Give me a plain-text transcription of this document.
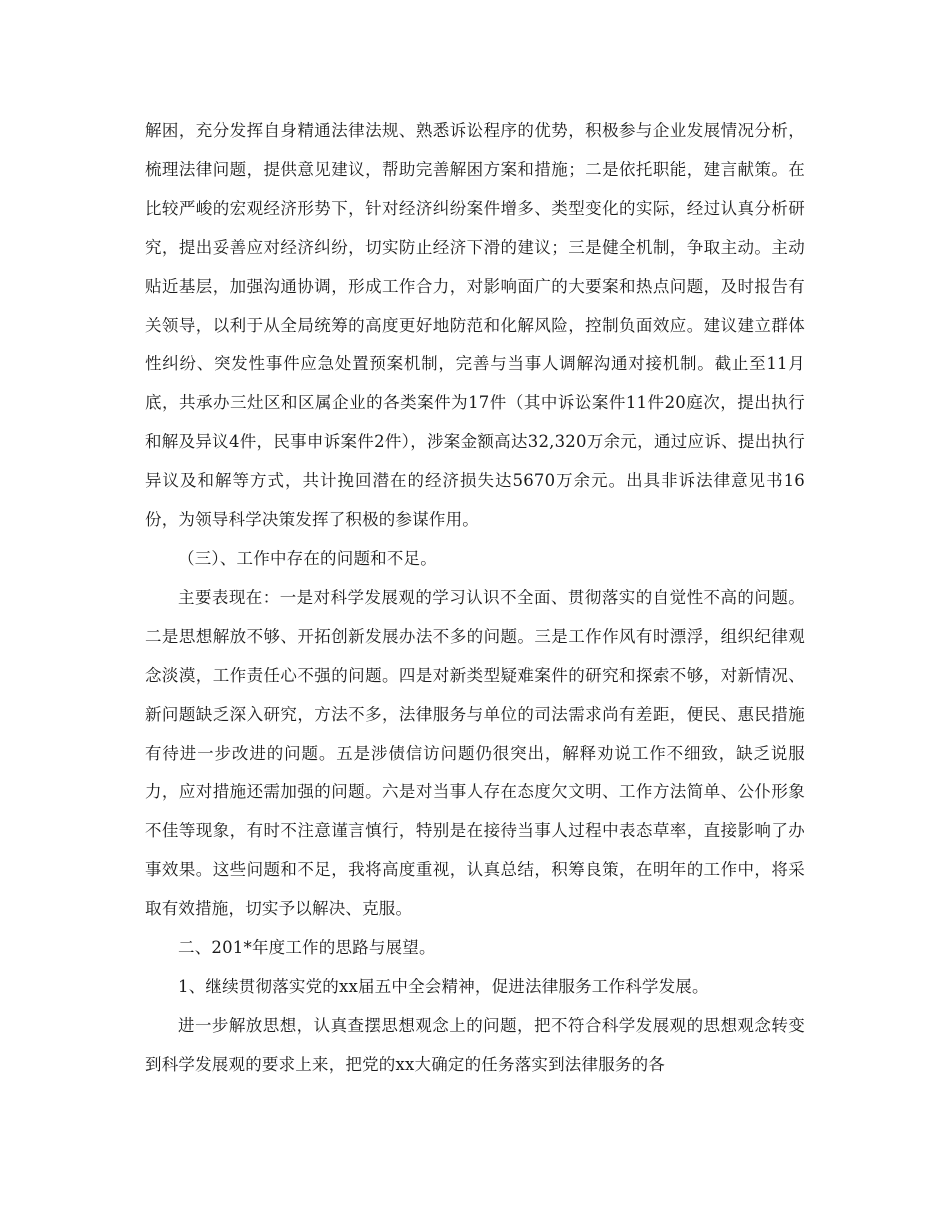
解困，充分发挥自身精通法律法规、熟悉诉讼程序的优势，积极参与企业发展情况分析，梳理法律问题，提供意见建议，帮助完善解困方案和措施；二是依托职能，建言献策。在比较严峻的宏观经济形势下，针对经济纠纷案件增多、类型变化的实际，经过认真分析研究，提出妥善应对经济纠纷，切实防止经济下滑的建议；三是健全机制，争取主动。主动贴近基层，加强沟通协调，形成工作合力，对影响面广的大要案和热点问题，及时报告有关领导，以利于从全局统筹的高度更好地防范和化解风险，控制负面效应。建议建立群体性纠纷、突发性事件应急处置预案机制，完善与当事人调解沟通对接机制。截止至11月底，共承办三灶区和区属企业的各类案件为17件（其中诉讼案件11件20庭次，提出执行和解及异议4件，民事申诉案件2件），涉案金额高达32,320万余元，通过应诉、提出执行异议及和解等方式，共计挽回潜在的经济损失达5670万余元。出具非诉法律意见书16份，为领导科学决策发挥了积极的参谋作用。

（三）、工作中存在的问题和不足。

主要表现在：一是对科学发展观的学习认识不全面、贯彻落实的自觉性不高的问题。二是思想解放不够、开拓创新发展办法不多的问题。三是工作作风有时漂浮，组织纪律观念淡漠，工作责任心不强的问题。四是对新类型疑难案件的研究和探索不够，对新情况、新问题缺乏深入研究，方法不多，法律服务与单位的司法需求尚有差距，便民、惠民措施有待进一步改进的问题。五是涉债信访问题仍很突出，解释劝说工作不细致，缺乏说服力，应对措施还需加强的问题。六是对当事人存在态度欠文明、工作方法简单、公仆形象不佳等现象，有时不注意谨言慎行，特别是在接待当事人过程中表态草率，直接影响了办事效果。这些问题和不足，我将高度重视，认真总结，积筹良策，在明年的工作中，将采取有效措施，切实予以解决、克服。

二、201*年度工作的思路与展望。

1、继续贯彻落实党的xx届五中全会精神，促进法律服务工作科学发展。

进一步解放思想，认真查摆思想观念上的问题，把不符合科学发展观的思想观念转变到科学发展观的要求上来，把党的xx大确定的任务落实到法律服务的各
